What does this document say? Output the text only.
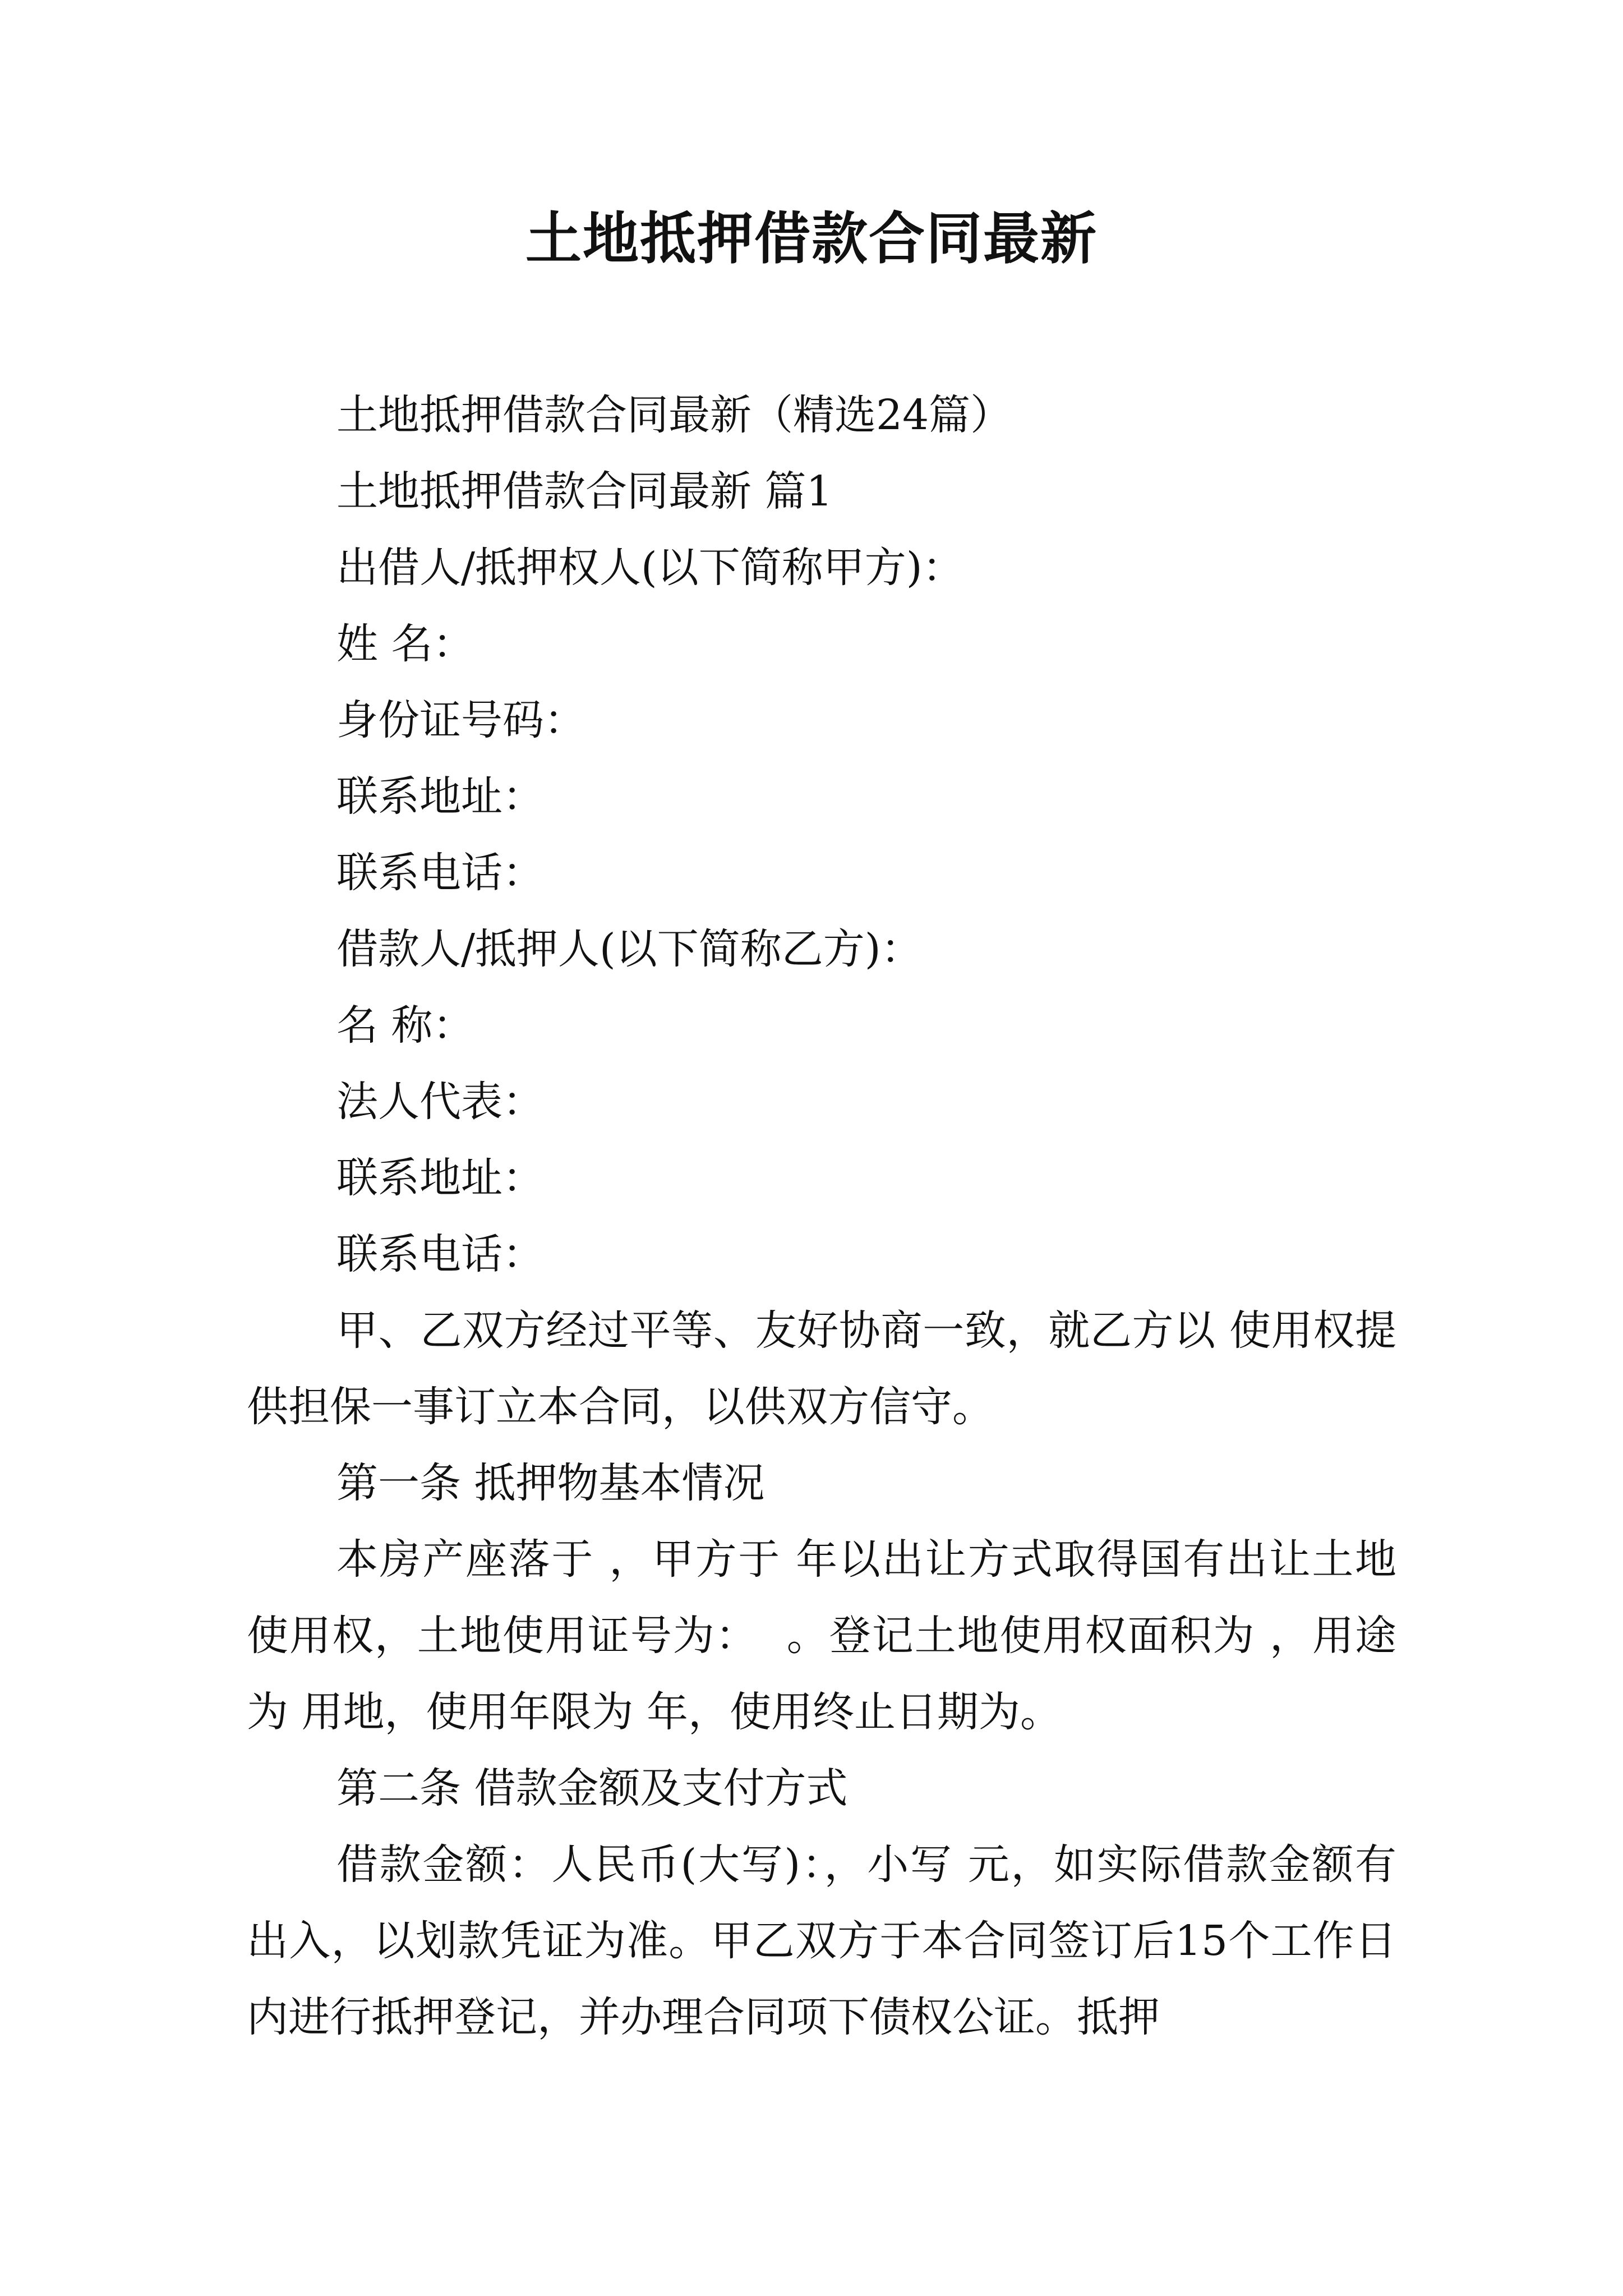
土地抵押借款合同最新

土地抵押借款合同最新（精选24篇）

土地抵押借款合同最新 篇1

出借人/抵押权人(以下简称甲方)：

姓 名：

身份证号码：

联系地址：

联系电话：

借款人/抵押人(以下简称乙方)：

名 称：

法人代表：

联系地址：

联系电话：

甲、乙双方经过平等、友好协商一致，就乙方以 使用权提供担保一事订立本合同，以供双方信守。

第一条 抵押物基本情况

本房产座落于 ，甲方于 年以出让方式取得国有出让土地使用权，土地使用证号为：  。登记土地使用权面积为 ，用途为 用地，使用年限为 年，使用终止日期为。

第二条 借款金额及支付方式

借款金额：人民币(大写)：，小写 元，如实际借款金额有出入，以划款凭证为准。甲乙双方于本合同签订后15个工作日内进行抵押登记，并办理合同项下债权公证。抵押
